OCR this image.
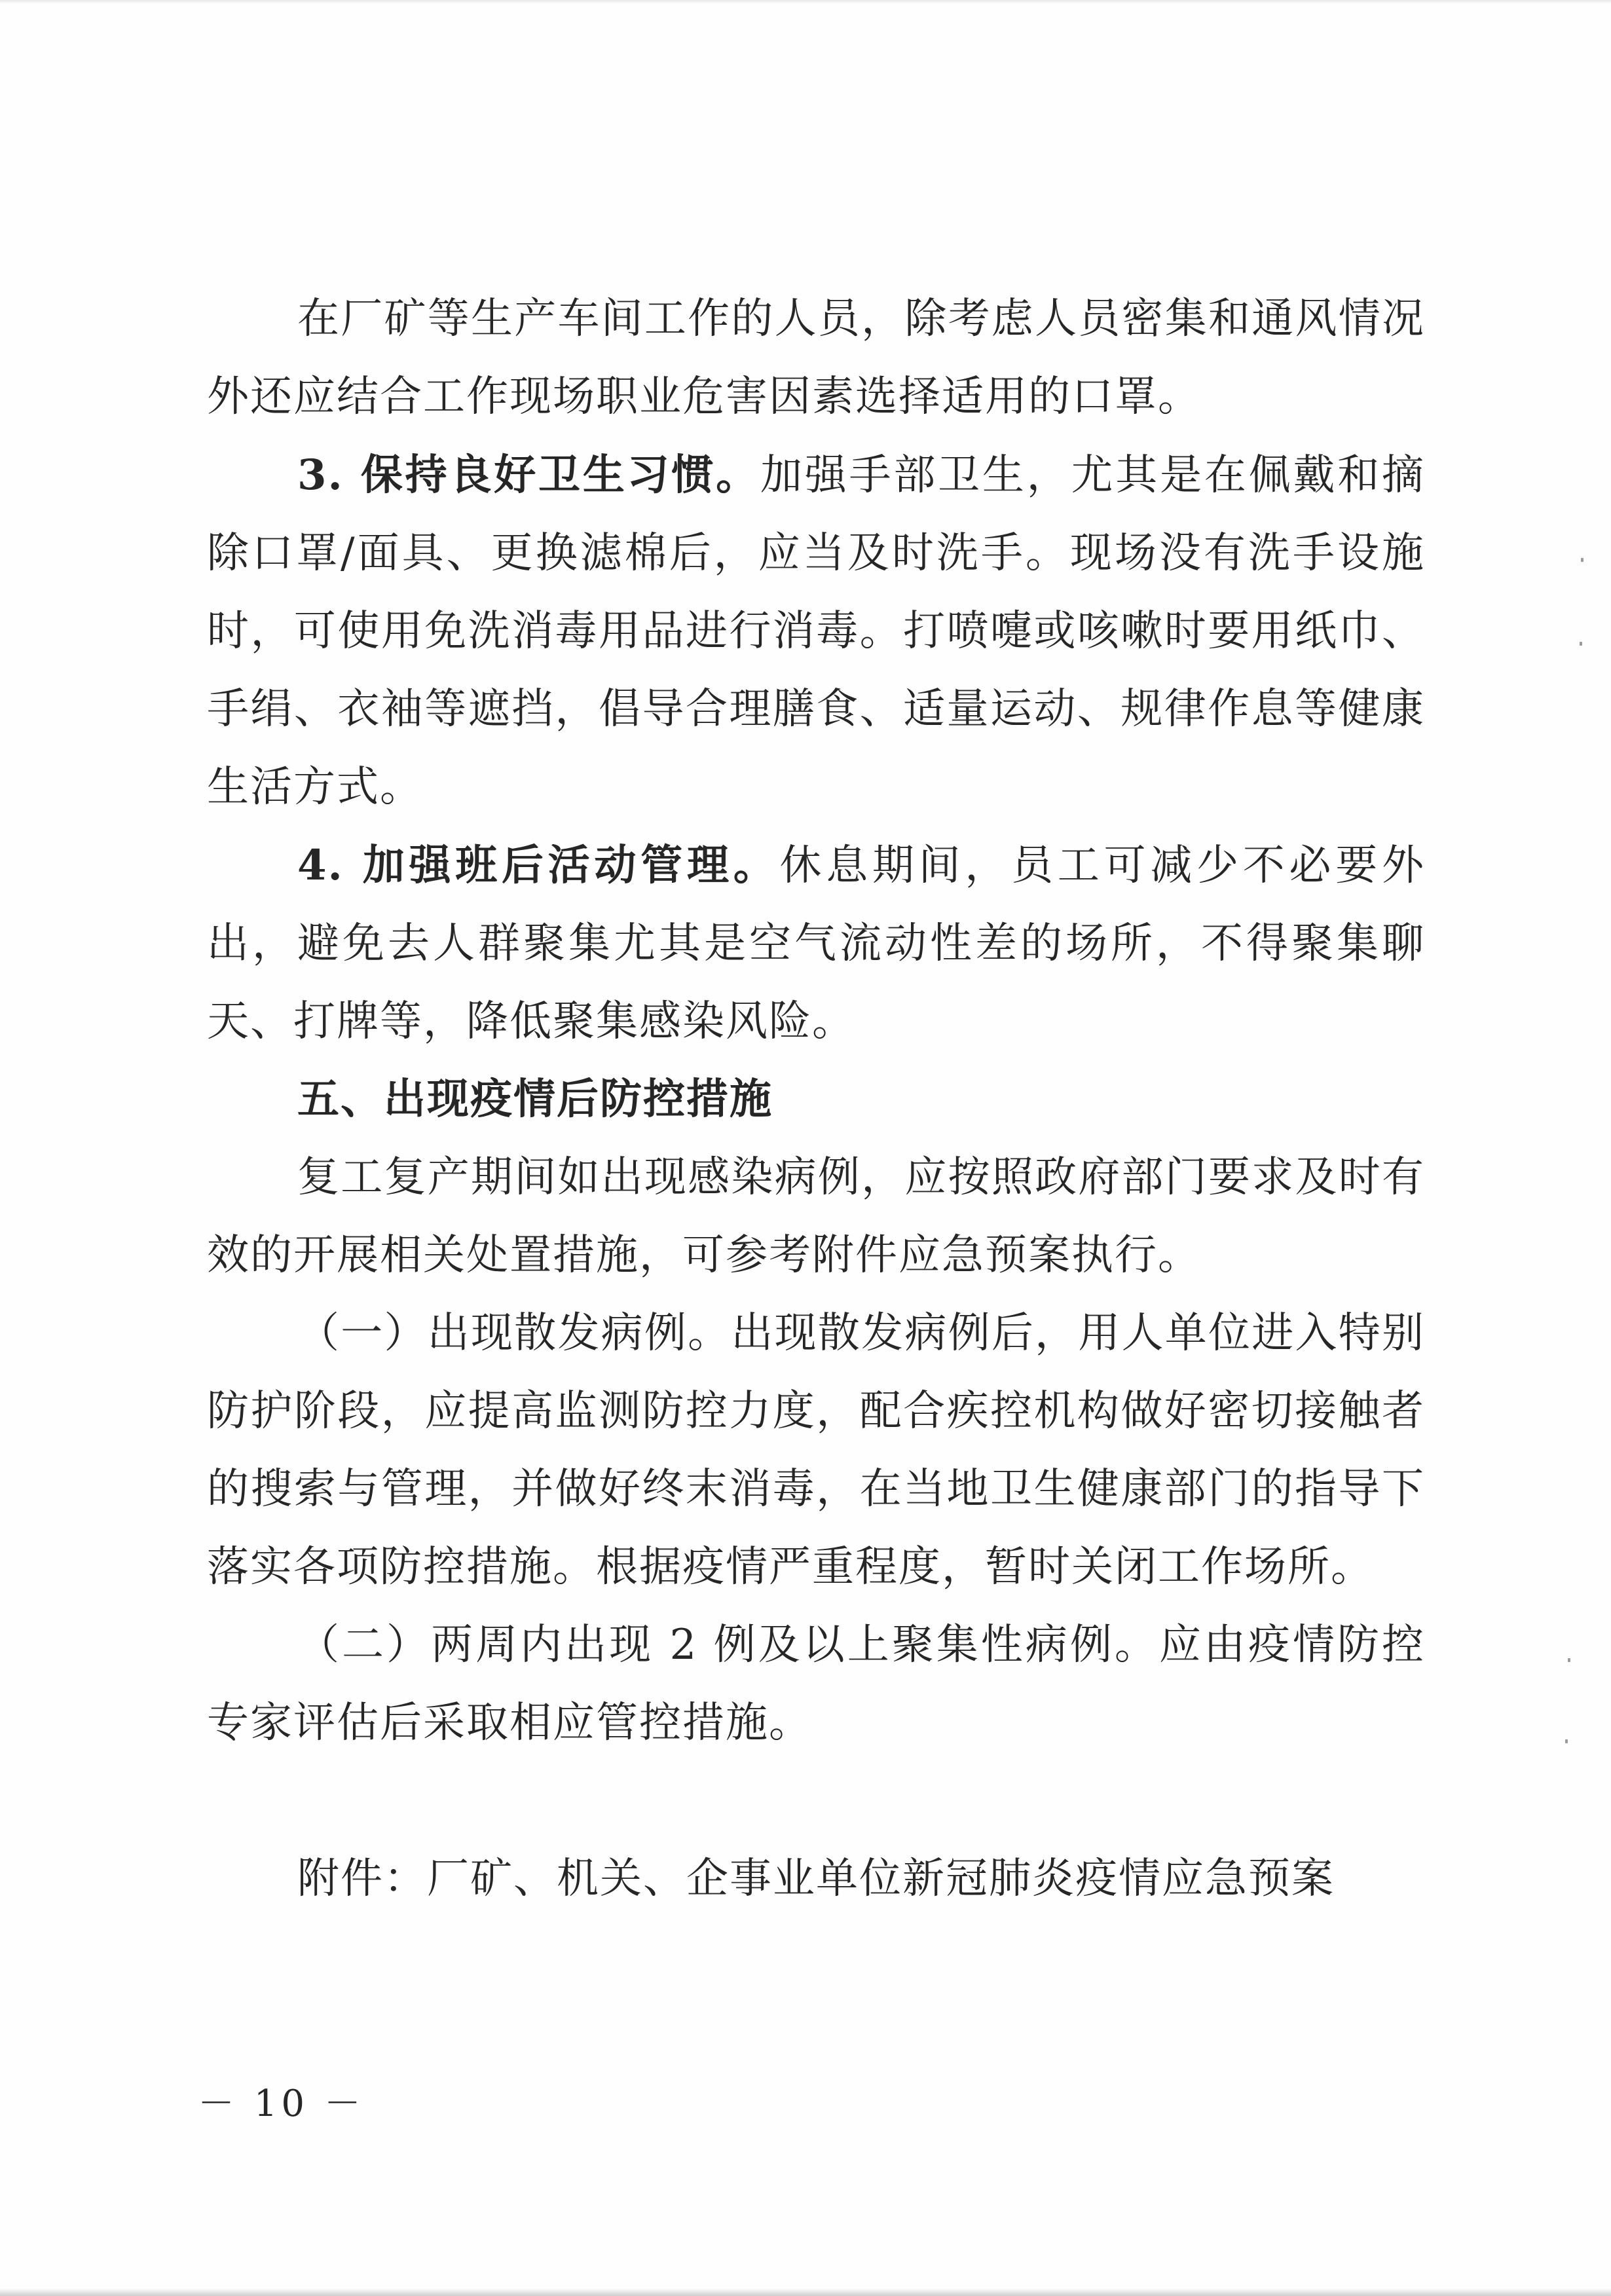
在厂矿等生产车间工作的人员，除考虑人员密集和通风情况外还应结合工作现场职业危害因素选择适用的口罩。

3. 保持良好卫生习惯。加强手部卫生，尤其是在佩戴和摘除口罩/面具、更换滤棉后，应当及时洗手。现场没有洗手设施时，可使用免洗消毒用品进行消毒。打喷嚏或咳嗽时要用纸巾、手绢、衣袖等遮挡，倡导合理膳食、适量运动、规律作息等健康生活方式。

4. 加强班后活动管理。休息期间，员工可减少不必要外出，避免去人群聚集尤其是空气流动性差的场所，不得聚集聊天、打牌等，降低聚集感染风险。

五、出现疫情后防控措施

复工复产期间如出现感染病例，应按照政府部门要求及时有效的开展相关处置措施，可参考附件应急预案执行。

（一）出现散发病例。出现散发病例后，用人单位进入特别防护阶段，应提高监测防控力度，配合疾控机构做好密切接触者的搜索与管理，并做好终末消毒，在当地卫生健康部门的指导下落实各项防控措施。根据疫情严重程度，暂时关闭工作场所。

（二）两周内出现 2 例及以上聚集性病例。应由疫情防控专家评估后采取相应管控措施。

附件：厂矿、机关、企事业单位新冠肺炎疫情应急预案

－ 10 －
